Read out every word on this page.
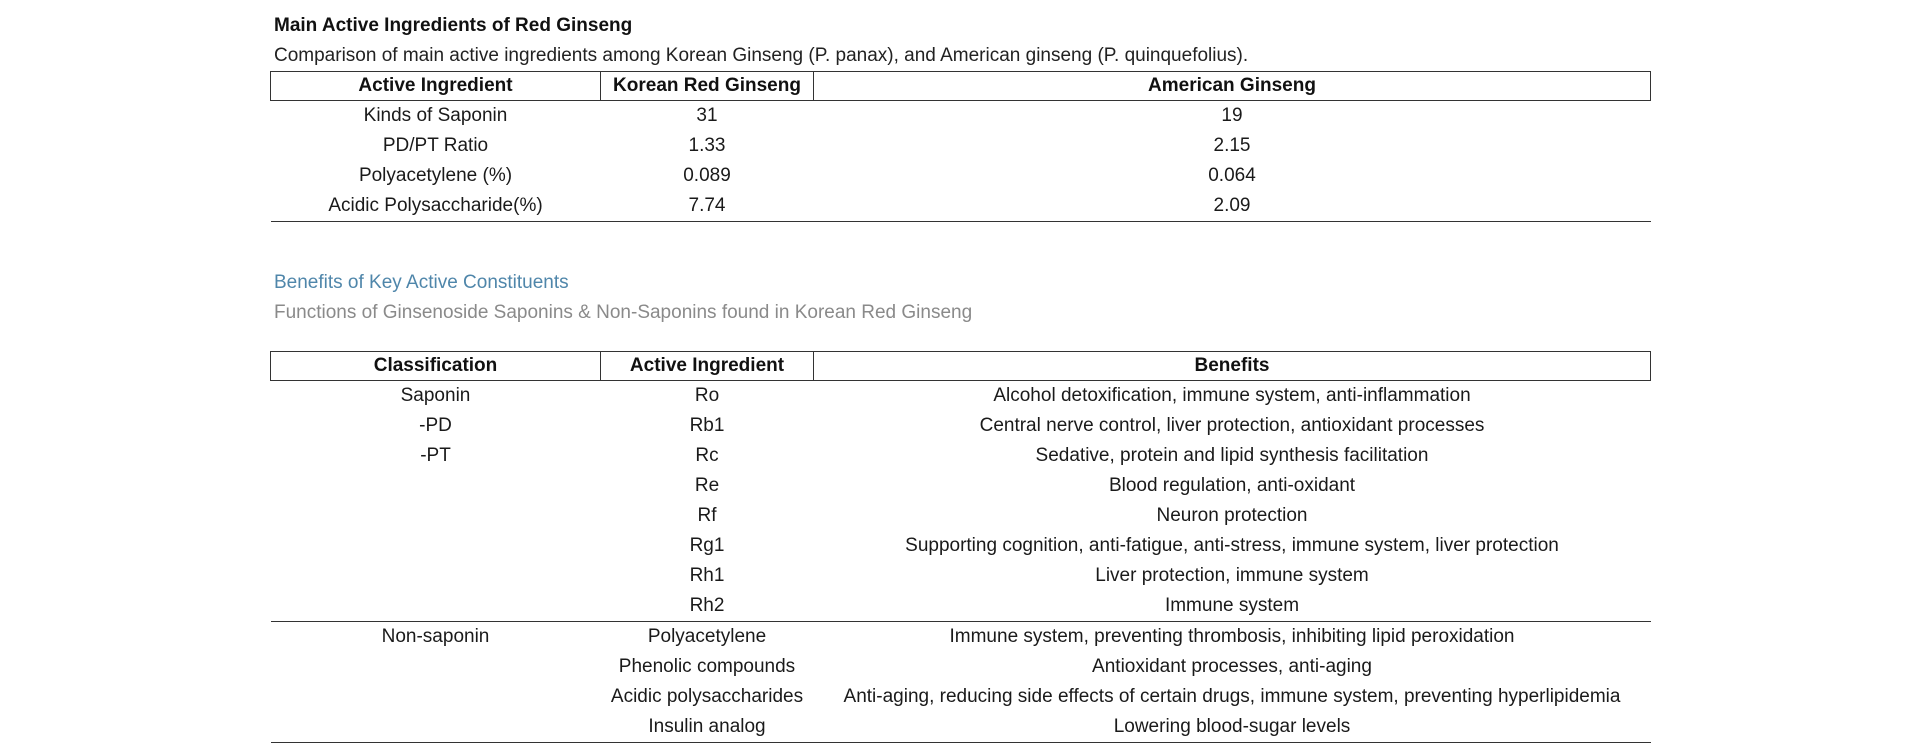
Main Active Ingredients of Red Ginseng
Comparison of main active ingredients among Korean Ginseng (P. panax), and American ginseng (P. quinquefolius).
Active Ingredient	Korean Red Ginseng	American Ginseng
Kinds of Saponin	31	19
PD/PT Ratio	1.33	2.15
Polyacetylene (%)	0.089	0.064
Acidic Polysaccharide(%)	7.74	2.09
Benefits of Key Active Constituents
Functions of Ginsenoside Saponins & Non-Saponins found in Korean Red Ginseng
Classification	Active Ingredient	Benefits
Saponin	Ro	Alcohol detoxification, immune system, anti-inflammation
-PD	Rb1	Central nerve control, liver protection, antioxidant processes
-PT	Rc	Sedative, protein and lipid synthesis facilitation
	Re	Blood regulation, anti-oxidant
	Rf	Neuron protection
	Rg1	Supporting cognition, anti-fatigue, anti-stress, immune system, liver protection
	Rh1	Liver protection, immune system
	Rh2	Immune system
Non-saponin	Polyacetylene	Immune system, preventing thrombosis, inhibiting lipid peroxidation
	Phenolic compounds	Antioxidant processes, anti-aging
	Acidic polysaccharides	Anti-aging, reducing side effects of certain drugs, immune system, preventing hyperlipidemia
	Insulin analog	Lowering blood-sugar levels
